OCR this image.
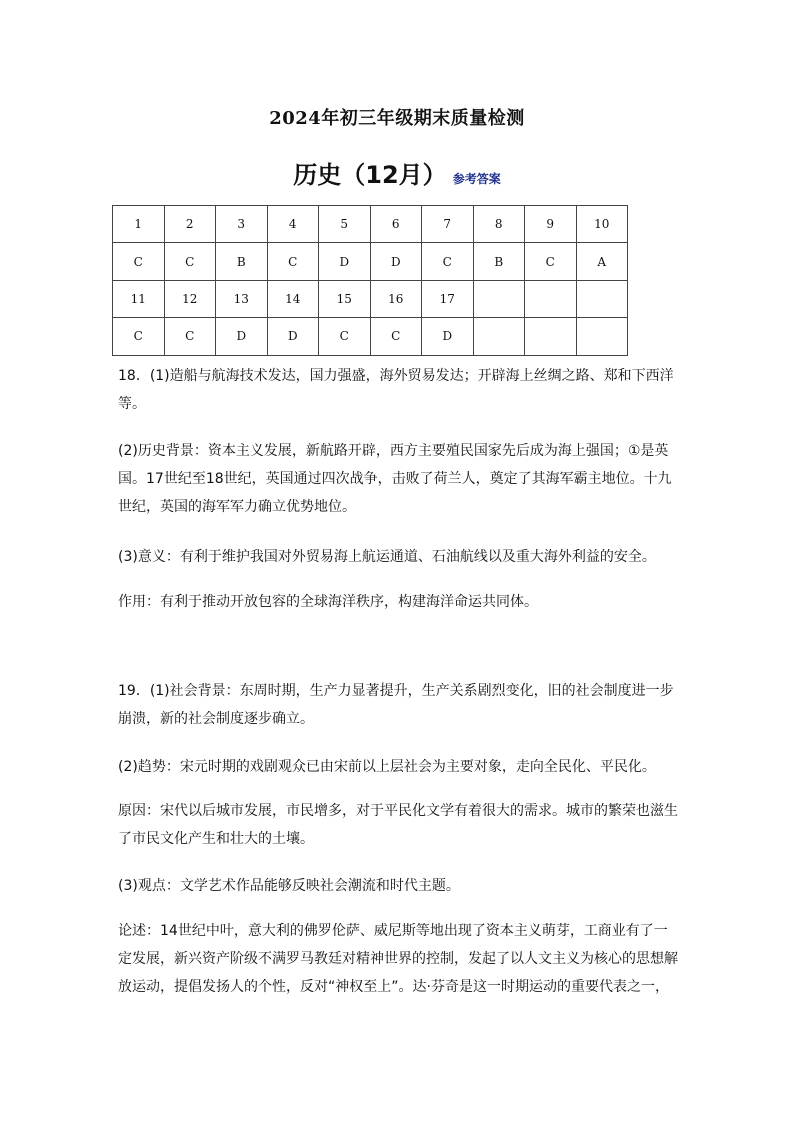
2024年初三年级期末质量检测
历史（12月） 参考答案
1	2	3	4	5	6	7	8	9	10
C	C	B	C	D	D	C	B	C	A
11	12	13	14	15	16	17			
C	C	D	D	C	C	D			
18．(1)造船与航海技术发达，国力强盛，海外贸易发达；开辟海上丝绸之路、郑和下西洋等。
(2)历史背景：资本主义发展，新航路开辟，西方主要殖民国家先后成为海上强国；①是英国。17世纪至18世纪，英国通过四次战争，击败了荷兰人，奠定了其海军霸主地位。十九世纪，英国的海军军力确立优势地位。
(3)意义：有利于维护我国对外贸易海上航运通道、石油航线以及重大海外利益的安全。
作用：有利于推动开放包容的全球海洋秩序，构建海洋命运共同体。
19．(1)社会背景：东周时期，生产力显著提升，生产关系剧烈变化，旧的社会制度进一步崩溃，新的社会制度逐步确立。
(2)趋势：宋元时期的戏剧观众已由宋前以上层社会为主要对象，走向全民化、平民化。
原因：宋代以后城市发展，市民增多，对于平民化文学有着很大的需求。城市的繁荣也滋生了市民文化产生和壮大的土壤。
(3)观点：文学艺术作品能够反映社会潮流和时代主题。
论述：14世纪中叶，意大利的佛罗伦萨、威尼斯等地出现了资本主义萌芽，工商业有了一定发展，新兴资产阶级不满罗马教廷对精神世界的控制，发起了以人文主义为核心的思想解放运动，提倡发扬人的个性，反对“神权至上”。达·芬奇是这一时期运动的重要代表之一，
